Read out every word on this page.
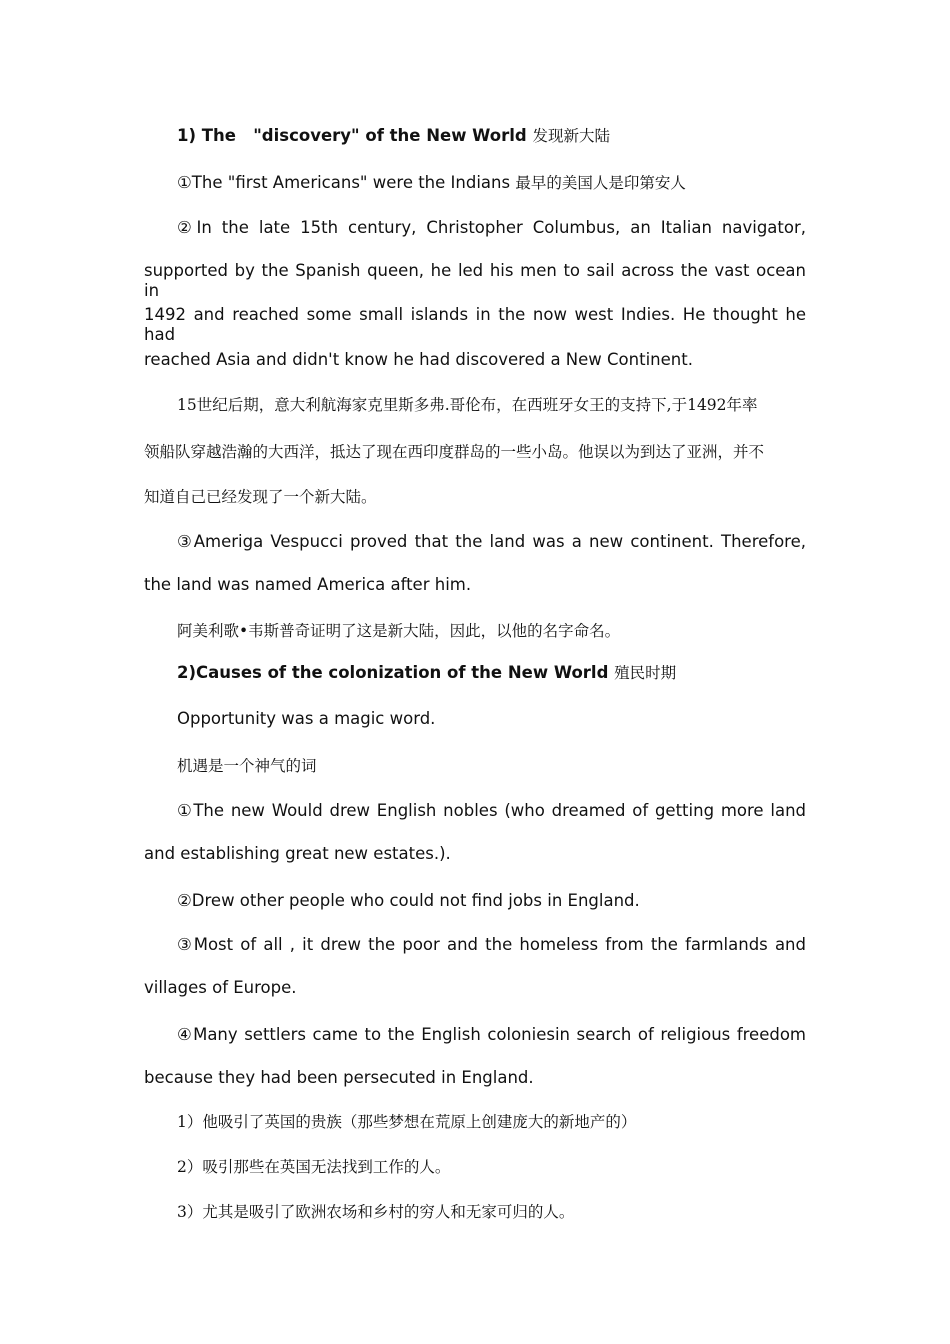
1) The   "discovery" of the New World 发现新大陆
①The "first Americans" were the Indians 最早的美国人是印第安人
②In the late 15th century, Christopher Columbus, an Italian navigator,
supported by the Spanish queen, he led his men to sail across the vast ocean in
1492 and reached some small islands in the now west Indies. He thought he had
reached Asia and didn't know he had discovered a New Continent.
15世纪后期，意大利航海家克里斯多弗.哥伦布，在西班牙女王的支持下,于1492年率
领船队穿越浩瀚的大西洋，抵达了现在西印度群岛的一些小岛。他误以为到达了亚洲，并不
知道自己已经发现了一个新大陆。
③Ameriga Vespucci proved that the land was a new continent. Therefore,
the land was named America after him.
阿美利歌•韦斯普奇证明了这是新大陆，因此，以他的名字命名。
2)Causes of the colonization of the New World 殖民时期
Opportunity was a magic word.
机遇是一个神气的词
①The new Would drew English nobles (who dreamed of getting more land
and establishing great new estates.).
②Drew other people who could not find jobs in England.
③Most of all , it drew the poor and the homeless from the farmlands and
villages of Europe.
④Many settlers came to the English coloniesin search of religious freedom
because they had been persecuted in England.
1）他吸引了英国的贵族（那些梦想在荒原上创建庞大的新地产的）
2）吸引那些在英国无法找到工作的人。
3）尤其是吸引了欧洲农场和乡村的穷人和无家可归的人。
